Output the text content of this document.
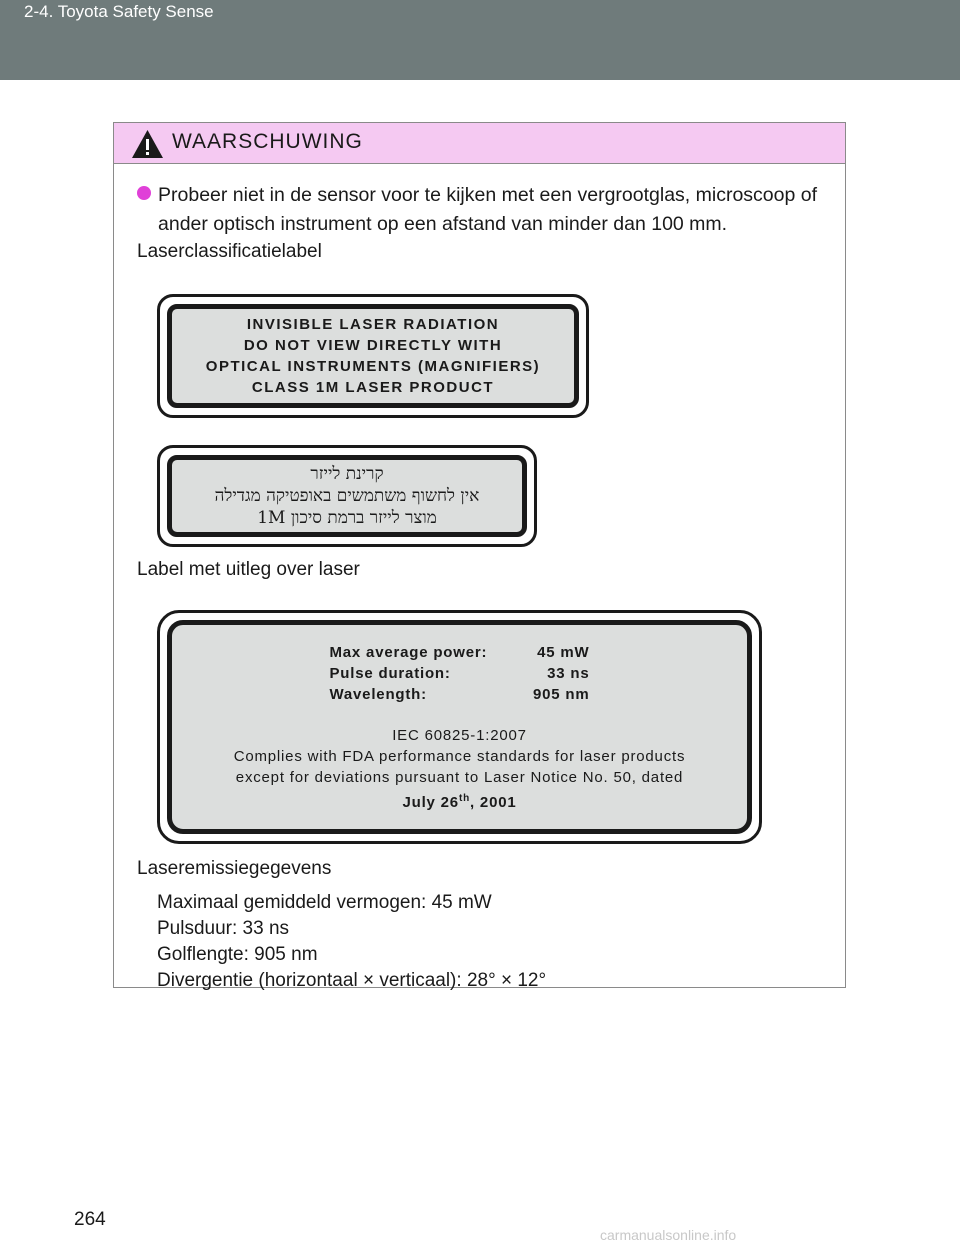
2-4. Toyota Safety Sense
WAARSCHUWING
Probeer niet in de sensor voor te kijken met een vergrootglas, microscoop of ander optisch instrument op een afstand van minder dan 100 mm.
Laserclassificatielabel
INVISIBLE LASER RADIATION
DO NOT VIEW DIRECTLY WITH
OPTICAL INSTRUMENTS (MAGNIFIERS)
CLASS 1M LASER PRODUCT
קרינת לייזר
אין לחשוף משתמשים באופטיקה מגדילה
מוצר לייזר ברמת סיכון 1M
Label met uitleg over laser
Max average power:	45 mW
Pulse duration:	33 ns
Wavelength:	905 nm
IEC 60825-1:2007
Complies with FDA performance standards for laser products
except for deviations pursuant to Laser Notice No. 50, dated
July 26th, 2001
Laseremissiegegevens
Maximaal gemiddeld vermogen: 45 mW
Pulsduur: 33 ns
Golflengte: 905 nm
Divergentie (horizontaal × verticaal): 28° × 12°
264
carmanualsonline.info
